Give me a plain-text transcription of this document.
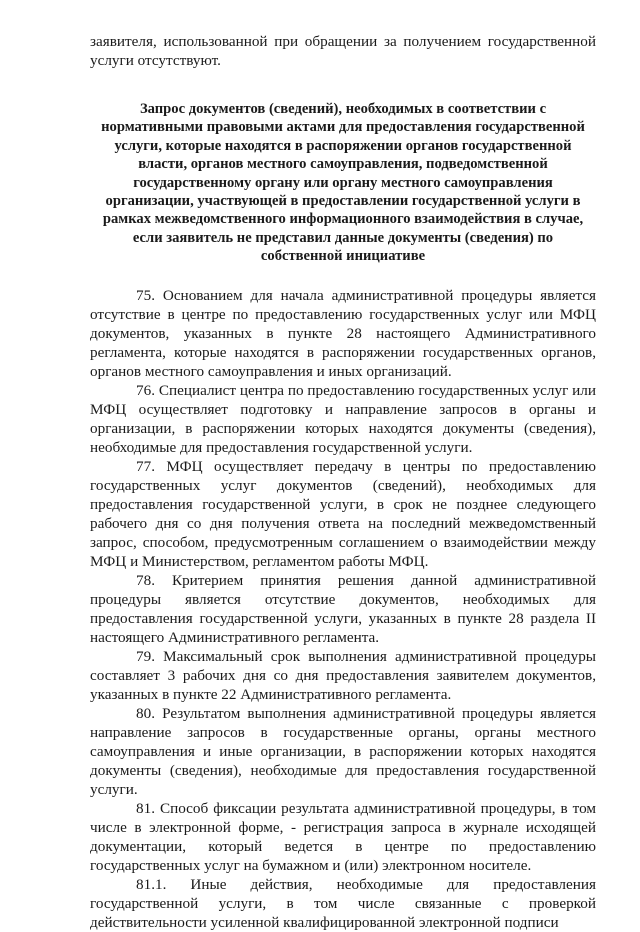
заявителя, использованной при обращении за получением государственной услуги отсутствуют.

Запрос документов (сведений), необходимых в соответствии с нормативными правовыми актами для предоставления государственной услуги, которые находятся в распоряжении органов государственной власти, органов местного самоуправления, подведомственной государственному органу или органу местного самоуправления организации, участвующей в предоставлении государственной услуги в рамках межведомственного информационного взаимодействия в случае, если заявитель не представил данные документы (сведения) по собственной инициативе

75. Основанием для начала административной процедуры является отсутствие в центре по предоставлению государственных услуг или МФЦ документов, указанных в пункте 28 настоящего Административного регламента, которые находятся в распоряжении государственных органов, органов местного самоуправления и иных организаций.

76. Специалист центра по предоставлению государственных услуг или МФЦ осуществляет подготовку и направление запросов в органы и организации, в распоряжении которых находятся документы (сведения), необходимые для предоставления государственной услуги.

77. МФЦ осуществляет передачу в центры по предоставлению государственных услуг документов (сведений), необходимых для предоставления государственной услуги, в срок не позднее следующего рабочего дня со дня получения ответа на последний межведомственный запрос, способом, предусмотренным соглашением о взаимодействии между МФЦ и Министерством, регламентом работы МФЦ.

78. Критерием принятия решения данной административной процедуры является отсутствие документов, необходимых для предоставления государственной услуги, указанных в пункте 28 раздела II настоящего Административного регламента.

79. Максимальный срок выполнения административной процедуры составляет 3 рабочих дня со дня предоставления заявителем документов, указанных в пункте 22 Административного регламента.

80. Результатом выполнения административной процедуры является направление запросов в государственные органы, органы местного самоуправления и иные организации, в распоряжении которых находятся документы (сведения), необходимые для предоставления государственной услуги.

81. Способ фиксации результата административной процедуры, в том числе в электронной форме, - регистрация запроса в журнале исходящей документации, который ведется в центре по предоставлению государственных услуг на бумажном и (или) электронном носителе.

81.1. Иные действия, необходимые для предоставления государственной услуги, в том числе связанные с проверкой действительности усиленной квалифицированной электронной подписи
